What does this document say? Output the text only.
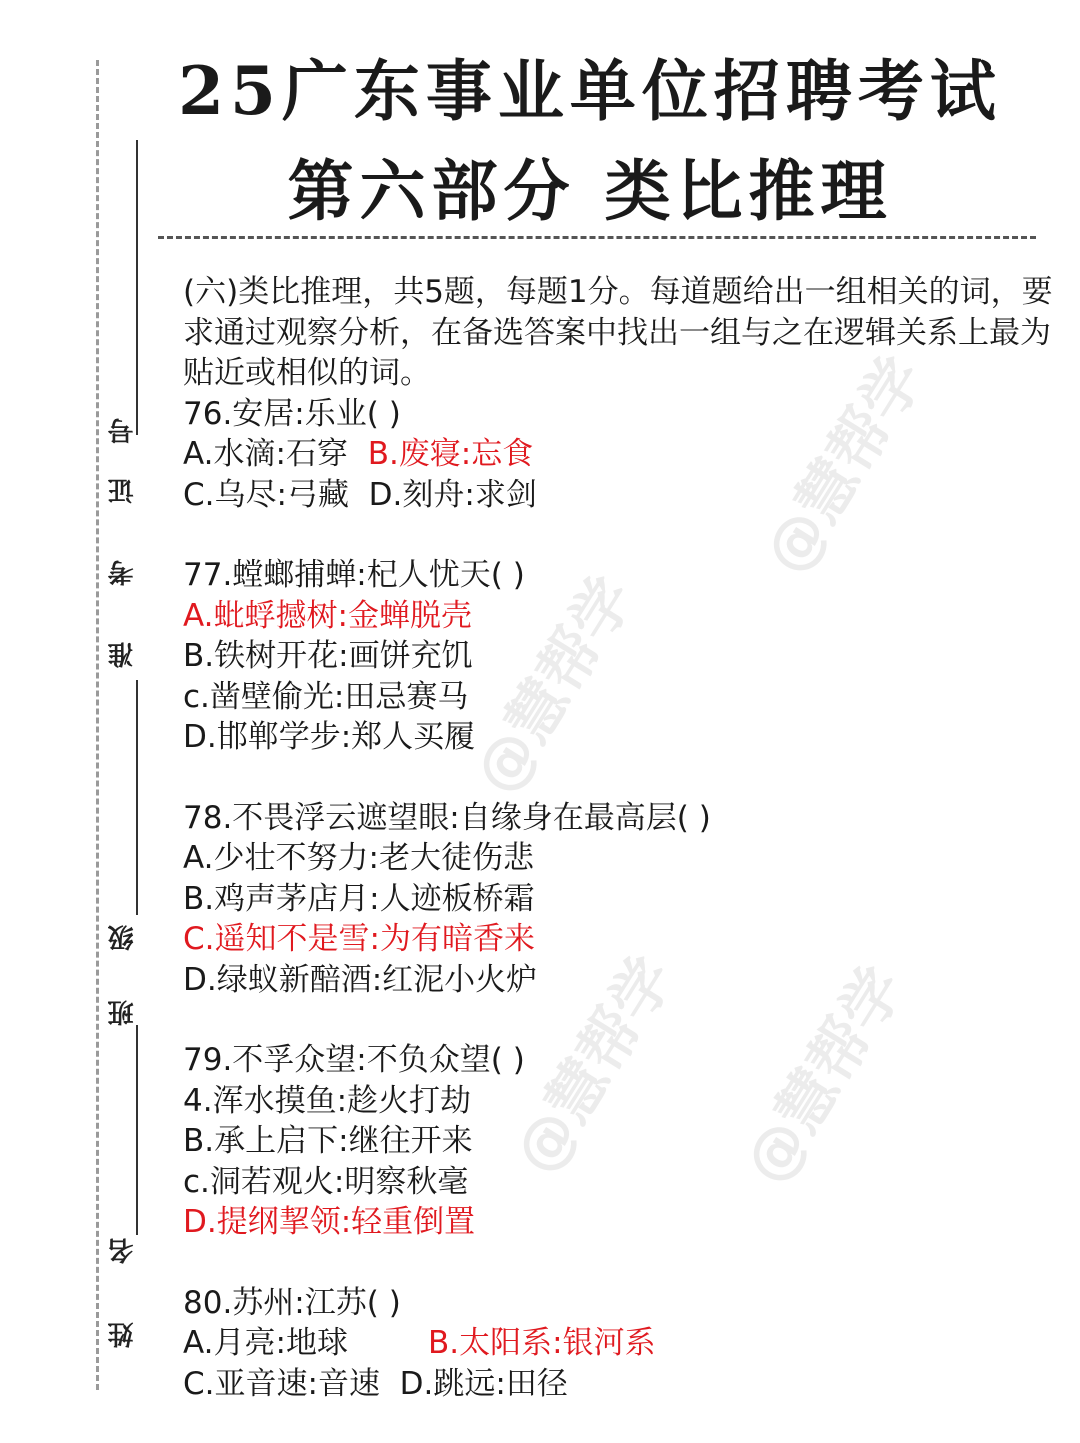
号
证
考
准
级
班
名
姓
@慧帮学
@慧帮学
@慧帮学 @慧帮学
25广东事业单位招聘考试
第六部分 类比推理

(六)类比推理，共5题，每题1分。每道题给出一组相关的词，要求通过观察分析，在备选答案中找出一组与之在逻辑关系上最为贴近或相似的词。

76.安居:乐业( )

A.水滴:石穿 B.废寝:忘食

C.乌尽:弓藏 D.刻舟:求剑

77.螳螂捕蝉:杞人忧天( )

A.蚍蜉撼树:金蝉脱壳

B.铁树开花:画饼充饥

c.凿壁偷光:田忌赛马

D.邯郸学步:郑人买履

78.不畏浮云遮望眼:自缘身在最高层( )

A.少壮不努力:老大徒伤悲

B.鸡声茅店月:人迹板桥霜

C.遥知不是雪:为有暗香来

D.绿蚁新醅酒:红泥小火炉

79.不孚众望:不负众望( )

4.浑水摸鱼:趁火打劫

B.承上启下:继往开来

c.洞若观火:明察秋毫

D.提纲挈领:轻重倒置

80.苏州:江苏( )

A.月亮:地球	B.太阳系:银河系

C.亚音速:音速 D.跳远:田径
